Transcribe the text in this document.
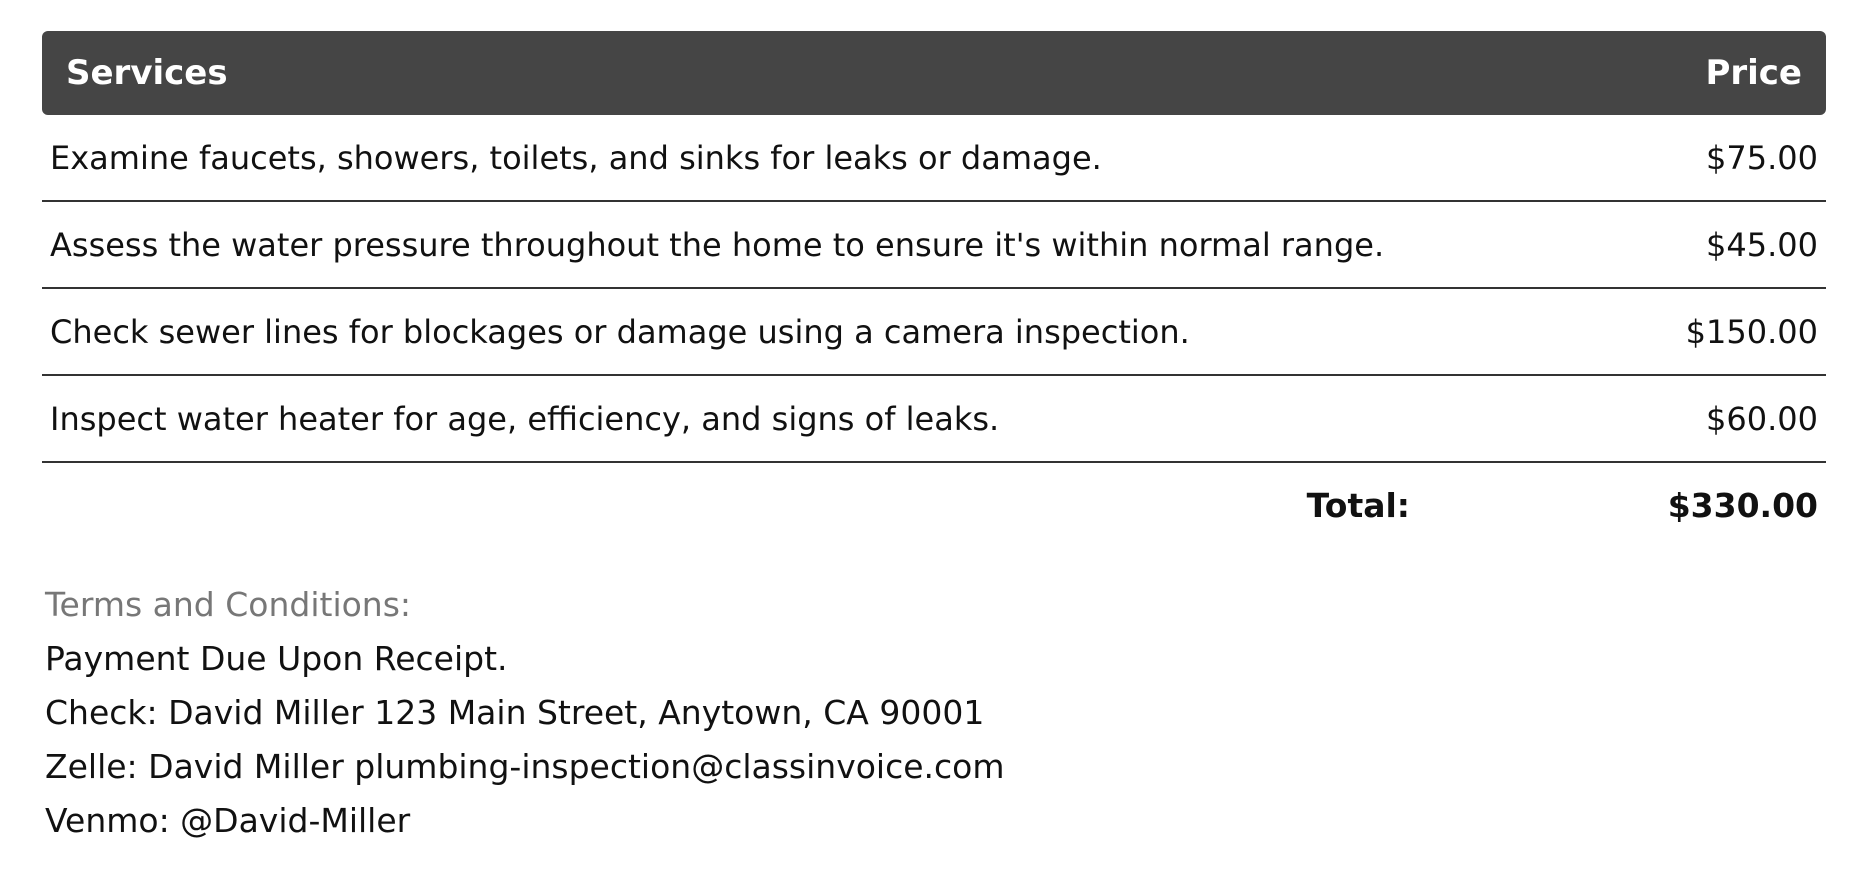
Services	Price
Examine faucets, showers, toilets, and sinks for leaks or damage.	$75.00
Assess the water pressure throughout the home to ensure it's within normal range.	$45.00
Check sewer lines for blockages or damage using a camera inspection.	$150.00
Inspect water heater for age, efficiency, and signs of leaks.	$60.00
Total:	$330.00
Terms and Conditions:
Payment Due Upon Receipt.
Check: David Miller 123 Main Street, Anytown, CA 90001
Zelle: David Miller plumbing-inspection@classinvoice.com
Venmo: @David-Miller
